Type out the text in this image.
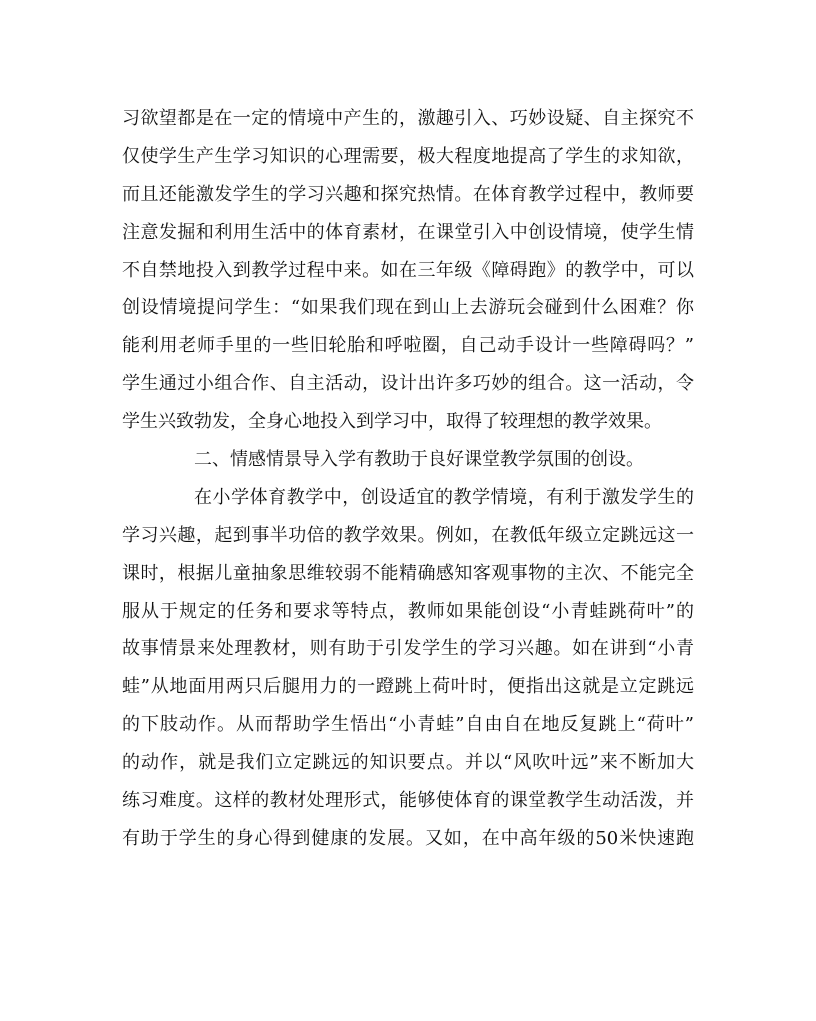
习欲望都是在一定的情境中产生的，激趣引入、巧妙设疑、自主探究不
仅使学生产生学习知识的心理需要，极大程度地提高了学生的求知欲，
而且还能激发学生的学习兴趣和探究热情。在体育教学过程中，教师要
注意发掘和利用生活中的体育素材，在课堂引入中创设情境，使学生情
不自禁地投入到教学过程中来。如在三年级《障碍跑》的教学中，可以
创设情境提问学生：“如果我们现在到山上去游玩会碰到什么困难？你
能利用老师手里的一些旧轮胎和呼啦圈，自己动手设计一些障碍吗？”
学生通过小组合作、自主活动，设计出许多巧妙的组合。这一活动，令
学生兴致勃发，全身心地投入到学习中，取得了较理想的教学效果。
二、情感情景导入学有教助于良好课堂教学氛围的创设。
在小学体育教学中，创设适宜的教学情境，有利于激发学生的
学习兴趣，起到事半功倍的教学效果。例如，在教低年级立定跳远这一
课时，根据儿童抽象思维较弱不能精确感知客观事物的主次、不能完全
服从于规定的任务和要求等特点，教师如果能创设“小青蛙跳荷叶”的
故事情景来处理教材，则有助于引发学生的学习兴趣。如在讲到“小青
蛙”从地面用两只后腿用力的一蹬跳上荷叶时，便指出这就是立定跳远
的下肢动作。从而帮助学生悟出“小青蛙”自由自在地反复跳上“荷叶”
的动作，就是我们立定跳远的知识要点。并以“风吹叶远”来不断加大
练习难度。这样的教材处理形式，能够使体育的课堂教学生动活泼，并
有助于学生的身心得到健康的发展。又如，在中高年级的50米快速跑
